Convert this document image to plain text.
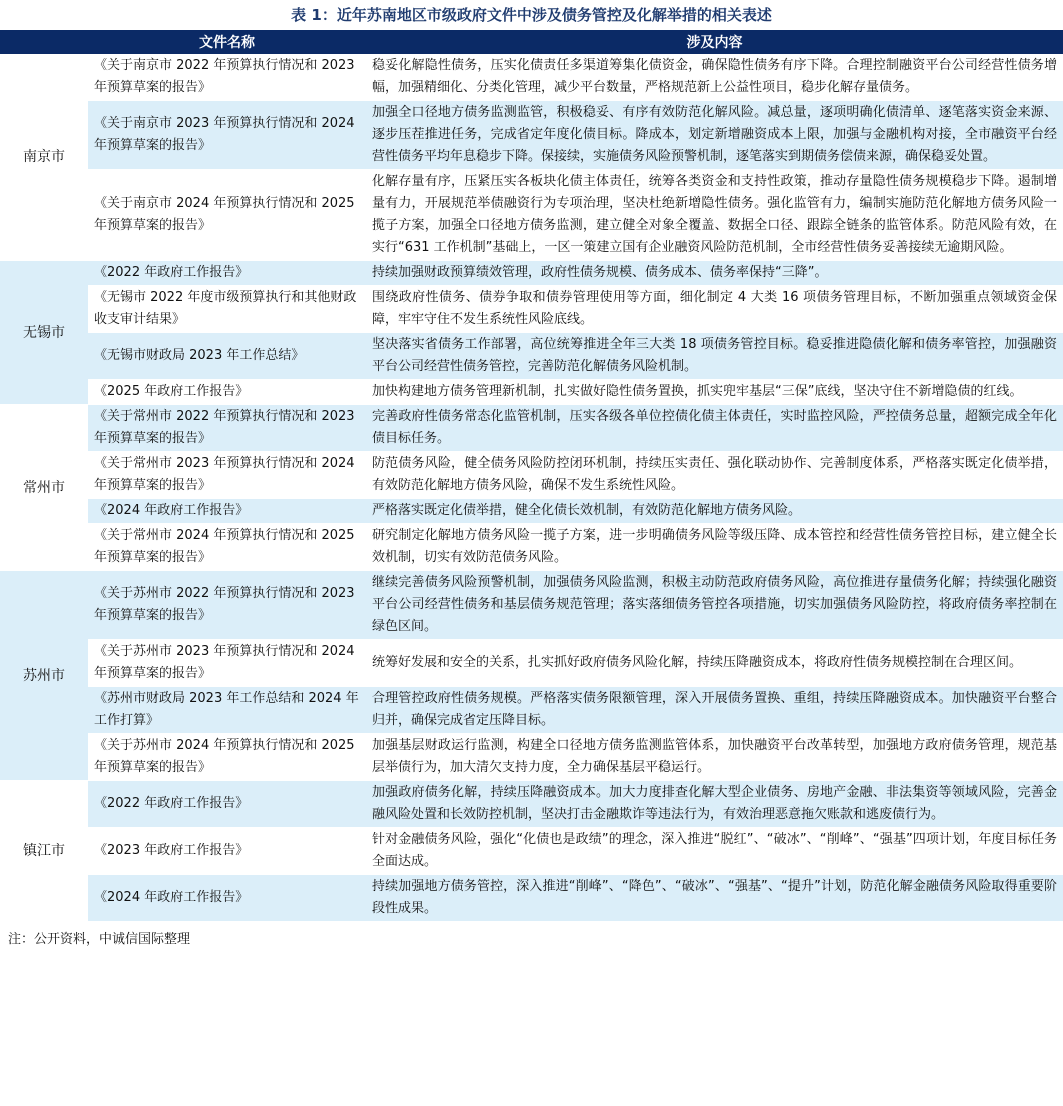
表 1：近年苏南地区市级政府文件中涉及债务管控及化解举措的相关表述
	文件名称	涉及内容
南京市	《关于南京市 2022 年预算执行情况和 2023 年预算草案的报告》	稳妥化解隐性债务，压实化债责任多渠道筹集化债资金，确保隐性债务有序下降。合理控制融资平台公司经营性债务增幅，加强精细化、分类化管理，减少平台数量，严格规范新上公益性项目，稳步化解存量债务。
	《关于南京市 2023 年预算执行情况和 2024 年预算草案的报告》	加强全口径地方债务监测监管，积极稳妥、有序有效防范化解风险。减总量，逐项明确化债清单、逐笔落实资金来源、逐步压茬推进任务，完成省定年度化债目标。降成本，划定新增融资成本上限，加强与金融机构对接，全市融资平台经营性债务平均年息稳步下降。保接续，实施债务风险预警机制，逐笔落实到期债务偿债来源，确保稳妥处置。
	《关于南京市 2024 年预算执行情况和 2025 年预算草案的报告》	化解存量有序，压紧压实各板块化债主体责任，统筹各类资金和支持性政策，推动存量隐性债务规模稳步下降。遏制增量有力，开展规范举债融资行为专项治理，坚决杜绝新增隐性债务。强化监管有力，编制实施防范化解地方债务风险一揽子方案，加强全口径地方债务监测，建立健全对象全覆盖、数据全口径、跟踪全链条的监管体系。防范风险有效，在实行“631 工作机制”基础上，一区一策建立国有企业融资风险防范机制，全市经营性债务妥善接续无逾期风险。
无锡市	《2022 年政府工作报告》	持续加强财政预算绩效管理，政府性债务规模、债务成本、债务率保持“三降”。
	《无锡市 2022 年度市级预算执行和其他财政收支审计结果》	围绕政府性债务、债券争取和债券管理使用等方面，细化制定 4 大类 16 项债务管理目标，不断加强重点领域资金保障，牢牢守住不发生系统性风险底线。
	《无锡市财政局 2023 年工作总结》	坚决落实省债务工作部署，高位统筹推进全年三大类 18 项债务管控目标。稳妥推进隐债化解和债务率管控，加强融资平台公司经营性债务管控，完善防范化解债务风险机制。
	《2025 年政府工作报告》	加快构建地方债务管理新机制，扎实做好隐性债务置换，抓实兜牢基层“三保”底线，坚决守住不新增隐债的红线。
常州市	《关于常州市 2022 年预算执行情况和 2023 年预算草案的报告》	完善政府性债务常态化监管机制，压实各级各单位控债化债主体责任，实时监控风险，严控债务总量，超额完成全年化债目标任务。
	《关于常州市 2023 年预算执行情况和 2024 年预算草案的报告》	防范债务风险，健全债务风险防控闭环机制，持续压实责任、强化联动协作、完善制度体系，严格落实既定化债举措，有效防范化解地方债务风险，确保不发生系统性风险。
	《2024 年政府工作报告》	严格落实既定化债举措，健全化债长效机制，有效防范化解地方债务风险。
	《关于常州市 2024 年预算执行情况和 2025 年预算草案的报告》	研究制定化解地方债务风险一揽子方案，进一步明确债务风险等级压降、成本管控和经营性债务管控目标，建立健全长效机制，切实有效防范债务风险。
苏州市	《关于苏州市 2022 年预算执行情况和 2023 年预算草案的报告》	继续完善债务风险预警机制，加强债务风险监测，积极主动防范政府债务风险，高位推进存量债务化解；持续强化融资平台公司经营性债务和基层债务规范管理；落实落细债务管控各项措施，切实加强债务风险防控，将政府债务率控制在绿色区间。
	《关于苏州市 2023 年预算执行情况和 2024 年预算草案的报告》	统筹好发展和安全的关系，扎实抓好政府债务风险化解，持续压降融资成本，将政府性债务规模控制在合理区间。
	《苏州市财政局 2023 年工作总结和 2024 年工作打算》	合理管控政府性债务规模。严格落实债务限额管理，深入开展债务置换、重组，持续压降融资成本。加快融资平台整合归并，确保完成省定压降目标。
	《关于苏州市 2024 年预算执行情况和 2025 年预算草案的报告》	加强基层财政运行监测，构建全口径地方债务监测监管体系，加快融资平台改革转型，加强地方政府债务管理，规范基层举债行为，加大清欠支持力度，全力确保基层平稳运行。
镇江市	《2022 年政府工作报告》	加强政府债务化解，持续压降融资成本。加大力度排查化解大型企业债务、房地产金融、非法集资等领域风险，完善金融风险处置和长效防控机制，坚决打击金融欺诈等违法行为，有效治理恶意拖欠账款和逃废债行为。
	《2023 年政府工作报告》	针对金融债务风险，强化“化债也是政绩”的理念，深入推进“脱红”、“破冰”、“削峰”、“强基”四项计划，年度目标任务全面达成。
	《2024 年政府工作报告》	持续加强地方债务管控，深入推进“削峰”、“降色”、“破冰”、“强基”、“提升”计划，防范化解金融债务风险取得重要阶段性成果。
注：公开资料，中诚信国际整理
